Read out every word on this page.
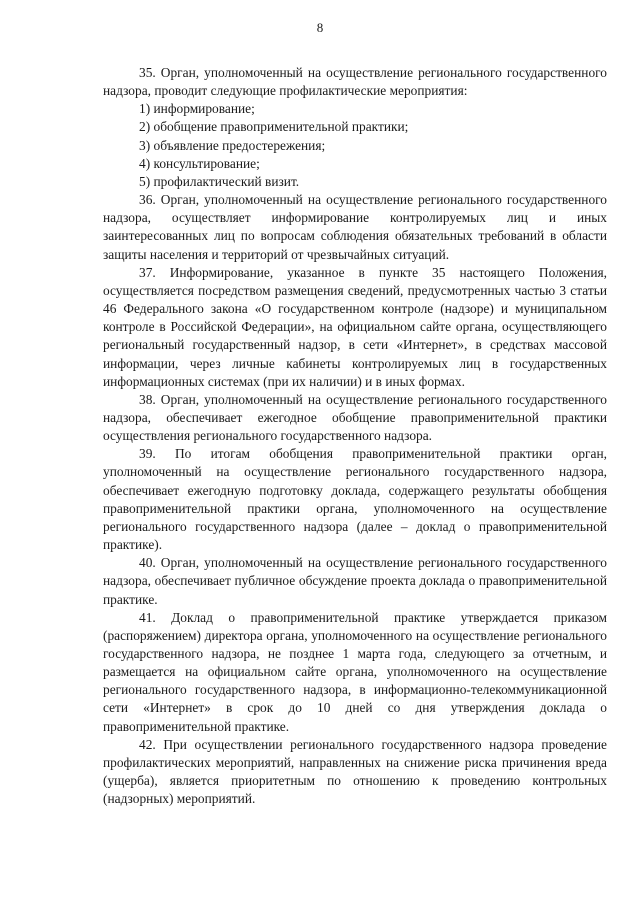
8

35. Орган, уполномоченный на осуществление регионального государственного надзора, проводит следующие профилактические мероприятия:

1) информирование;

2) обобщение правоприменительной практики;

3) объявление предостережения;

4) консультирование;

5) профилактический визит.

36. Орган, уполномоченный на осуществление регионального государственного надзора, осуществляет информирование контролируемых лиц и иных заинтересованных лиц по вопросам соблюдения обязательных требований в области защиты населения и территорий от чрезвычайных ситуаций.

37. Информирование, указанное в пункте 35 настоящего Положения, осуществляется посредством размещения сведений, предусмотренных частью 3 статьи 46 Федерального закона «О государственном контроле (надзоре) и муниципальном контроле в Российской Федерации», на официальном сайте органа, осуществляющего региональный государственный надзор, в сети «Интернет», в средствах массовой информации, через личные кабинеты контролируемых лиц в государственных информационных системах (при их наличии) и в иных формах.

38. Орган, уполномоченный на осуществление регионального государственного надзора, обеспечивает ежегодное обобщение правоприменительной практики осуществления регионального государственного надзора.

39. По итогам обобщения правоприменительной практики орган, уполномоченный на осуществление регионального государственного надзора, обеспечивает ежегодную подготовку доклада, содержащего результаты обобщения правоприменительной практики органа, уполномоченного на осуществление регионального государственного надзора (далее – доклад о правоприменительной практике).

40. Орган, уполномоченный на осуществление регионального государственного надзора, обеспечивает публичное обсуждение проекта доклада о правоприменительной практике.

41. Доклад о правоприменительной практике утверждается приказом (распоряжением) директора органа, уполномоченного на осуществление регионального государственного надзора, не позднее 1 марта года, следующего за отчетным, и размещается на официальном сайте органа, уполномоченного на осуществление регионального государственного надзора, в информационно-телекоммуникационной сети «Интернет» в срок до 10 дней со дня утверждения доклада о правоприменительной практике.

42. При осуществлении регионального государственного надзора проведение профилактических мероприятий, направленных на снижение риска причинения вреда (ущерба), является приоритетным по отношению к проведению контрольных (надзорных) мероприятий.
